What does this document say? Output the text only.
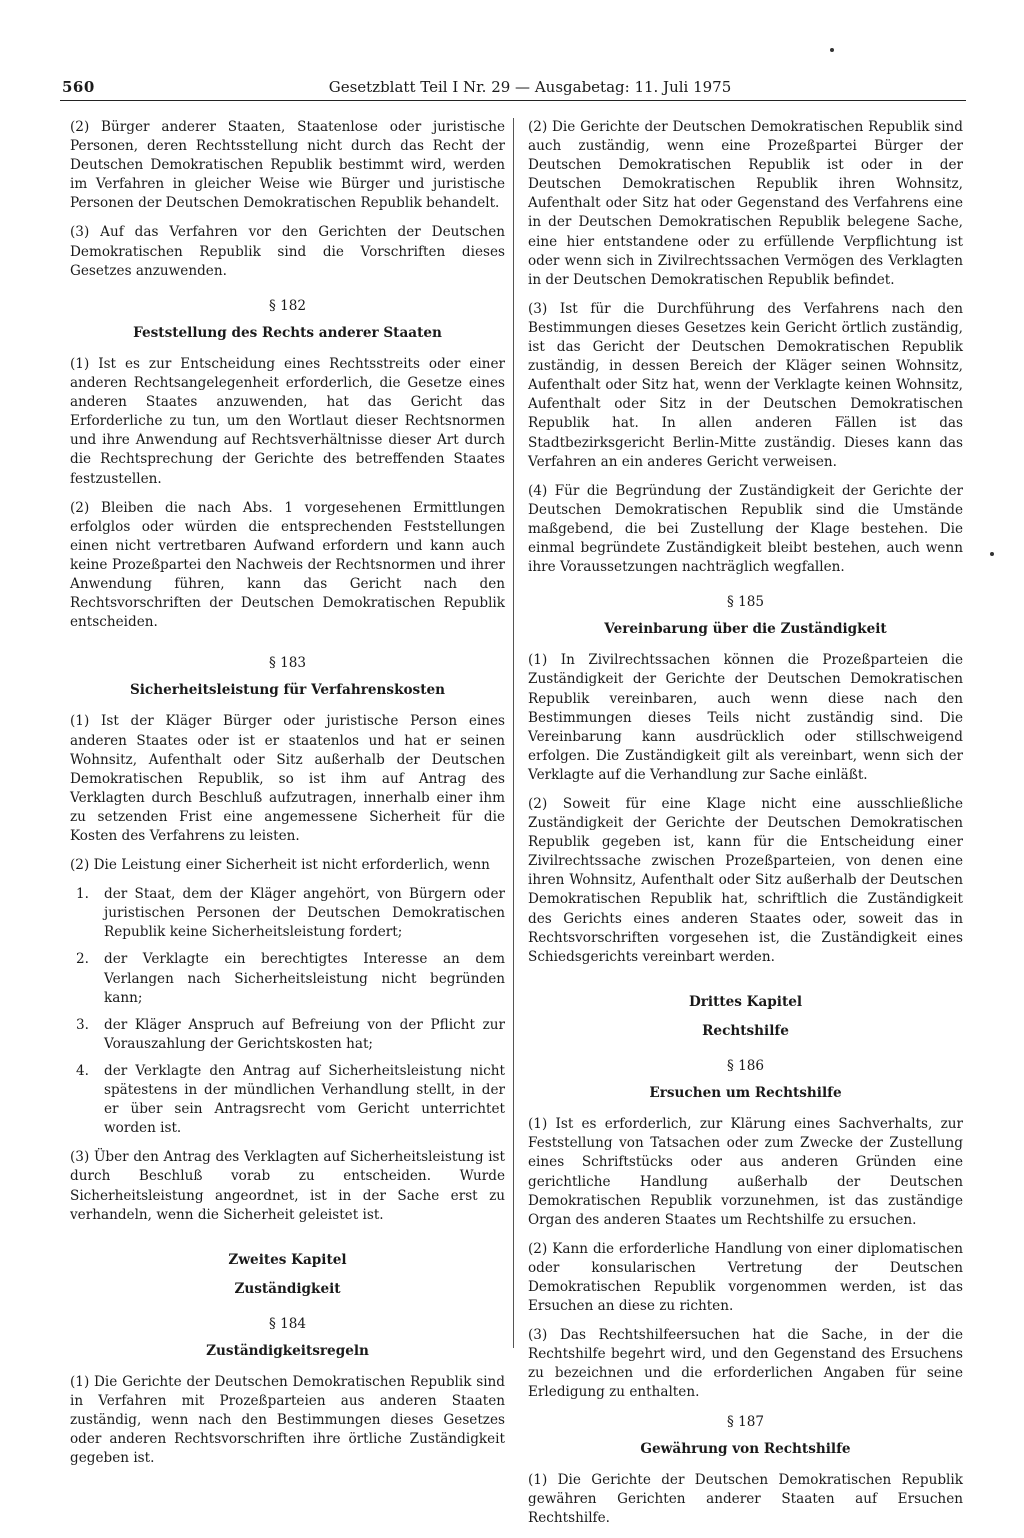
560	Gesetzblatt Teil I Nr. 29 — Ausgabetag: 11. Juli 1975

(2) Bürger anderer Staaten, Staatenlose oder juristische Personen, deren Rechtsstellung nicht durch das Recht der Deutschen Demokratischen Republik bestimmt wird, werden im Verfahren in gleicher Weise wie Bürger und juristische Personen der Deutschen Demokratischen Republik behandelt.

(3) Auf das Verfahren vor den Gerichten der Deutschen Demokratischen Republik sind die Vorschriften dieses Gesetzes anzuwenden.

§ 182
Feststellung des Rechts anderer Staaten

(1) Ist es zur Entscheidung eines Rechtsstreits oder einer anderen Rechtsangelegenheit erforderlich, die Gesetze eines anderen Staates anzuwenden, hat das Gericht das Erforderliche zu tun, um den Wortlaut dieser Rechtsnormen und ihre Anwendung auf Rechtsverhältnisse dieser Art durch die Rechtsprechung der Gerichte des betreffenden Staates festzustellen.

(2) Bleiben die nach Abs. 1 vorgesehenen Ermittlungen erfolglos oder würden die entsprechenden Feststellungen einen nicht vertretbaren Aufwand erfordern und kann auch keine Prozeßpartei den Nachweis der Rechtsnormen und ihrer Anwendung führen, kann das Gericht nach den Rechtsvorschriften der Deutschen Demokratischen Republik entscheiden.

§ 183
Sicherheitsleistung für Verfahrenskosten

(1) Ist der Kläger Bürger oder juristische Person eines anderen Staates oder ist er staatenlos und hat er seinen Wohnsitz, Aufenthalt oder Sitz außerhalb der Deutschen Demokratischen Republik, so ist ihm auf Antrag des Verklagten durch Beschluß aufzutragen, innerhalb einer ihm zu setzenden Frist eine angemessene Sicherheit für die Kosten des Verfahrens zu leisten.

(2) Die Leistung einer Sicherheit ist nicht erforderlich, wenn

1.	der Staat, dem der Kläger angehört, von Bürgern oder juristischen Personen der Deutschen Demokratischen Republik keine Sicherheitsleistung fordert;
2.	der Verklagte ein berechtigtes Interesse an dem Verlangen nach Sicherheitsleistung nicht begründen kann;
3.	der Kläger Anspruch auf Befreiung von der Pflicht zur Vorauszahlung der Gerichtskosten hat;
4.	der Verklagte den Antrag auf Sicherheitsleistung nicht spätestens in der mündlichen Verhandlung stellt, in der er über sein Antragsrecht vom Gericht unterrichtet worden ist.

(3) Über den Antrag des Verklagten auf Sicherheitsleistung ist durch Beschluß vorab zu entscheiden. Wurde Sicherheitsleistung angeordnet, ist in der Sache erst zu verhandeln, wenn die Sicherheit geleistet ist.

Zweites Kapitel
Zuständigkeit
§ 184
Zuständigkeitsregeln

(1) Die Gerichte der Deutschen Demokratischen Republik sind in Verfahren mit Prozeßparteien aus anderen Staaten zuständig, wenn nach den Bestimmungen dieses Gesetzes oder anderen Rechtsvorschriften ihre örtliche Zuständigkeit gegeben ist.

(2) Die Gerichte der Deutschen Demokratischen Republik sind auch zuständig, wenn eine Prozeßpartei Bürger der Deutschen Demokratischen Republik ist oder in der Deutschen Demokratischen Republik ihren Wohnsitz, Aufenthalt oder Sitz hat oder Gegenstand des Verfahrens eine in der Deutschen Demokratischen Republik belegene Sache, eine hier entstandene oder zu erfüllende Verpflichtung ist oder wenn sich in Zivilrechtssachen Vermögen des Verklagten in der Deutschen Demokratischen Republik befindet.

(3) Ist für die Durchführung des Verfahrens nach den Bestimmungen dieses Gesetzes kein Gericht örtlich zuständig, ist das Gericht der Deutschen Demokratischen Republik zuständig, in dessen Bereich der Kläger seinen Wohnsitz, Aufenthalt oder Sitz hat, wenn der Verklagte keinen Wohnsitz, Aufenthalt oder Sitz in der Deutschen Demokratischen Republik hat. In allen anderen Fällen ist das Stadtbezirksgericht Berlin-Mitte zuständig. Dieses kann das Verfahren an ein anderes Gericht verweisen.

(4) Für die Begründung der Zuständigkeit der Gerichte der Deutschen Demokratischen Republik sind die Umstände maßgebend, die bei Zustellung der Klage bestehen. Die einmal begründete Zuständigkeit bleibt bestehen, auch wenn ihre Voraussetzungen nachträglich wegfallen.

§ 185
Vereinbarung über die Zuständigkeit

(1) In Zivilrechtssachen können die Prozeßparteien die Zuständigkeit der Gerichte der Deutschen Demokratischen Republik vereinbaren, auch wenn diese nach den Bestimmungen dieses Teils nicht zuständig sind. Die Vereinbarung kann ausdrücklich oder stillschweigend erfolgen. Die Zuständigkeit gilt als vereinbart, wenn sich der Verklagte auf die Verhandlung zur Sache einläßt.

(2) Soweit für eine Klage nicht eine ausschließliche Zuständigkeit der Gerichte der Deutschen Demokratischen Republik gegeben ist, kann für die Entscheidung einer Zivilrechtssache zwischen Prozeßparteien, von denen eine ihren Wohnsitz, Aufenthalt oder Sitz außerhalb der Deutschen Demokratischen Republik hat, schriftlich die Zuständigkeit des Gerichts eines anderen Staates oder, soweit das in Rechtsvorschriften vorgesehen ist, die Zuständigkeit eines Schiedsgerichts vereinbart werden.

Drittes Kapitel
Rechtshilfe
§ 186
Ersuchen um Rechtshilfe

(1) Ist es erforderlich, zur Klärung eines Sachverhalts, zur Feststellung von Tatsachen oder zum Zwecke der Zustellung eines Schriftstücks oder aus anderen Gründen eine gerichtliche Handlung außerhalb der Deutschen Demokratischen Republik vorzunehmen, ist das zuständige Organ des anderen Staates um Rechtshilfe zu ersuchen.

(2) Kann die erforderliche Handlung von einer diplomatischen oder konsularischen Vertretung der Deutschen Demokratischen Republik vorgenommen werden, ist das Ersuchen an diese zu richten.

(3) Das Rechtshilfeersuchen hat die Sache, in der die Rechtshilfe begehrt wird, und den Gegenstand des Ersuchens zu bezeichnen und die erforderlichen Angaben für seine Erledigung zu enthalten.

§ 187
Gewährung von Rechtshilfe

(1) Die Gerichte der Deutschen Demokratischen Republik gewähren Gerichten anderer Staaten auf Ersuchen Rechtshilfe.
